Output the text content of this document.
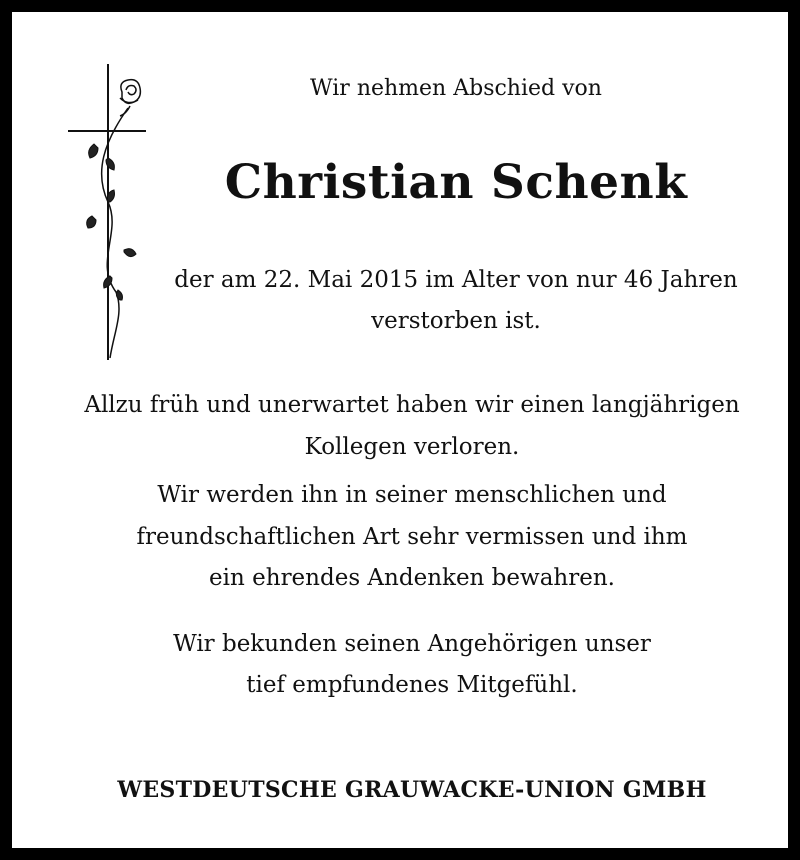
Wir nehmen Abschied von
Christian Schenk
der am 22. Mai 2015 im Alter von nur 46 Jahren
verstorben ist.
Allzu früh und unerwartet haben wir einen langjährigen
Kollegen verloren.
Wir werden ihn in seiner menschlichen und
freundschaftlichen Art sehr vermissen und ihm
ein ehrendes Andenken bewahren.
Wir bekunden seinen Angehörigen unser
tief empfundenes Mitgefühl.
WESTDEUTSCHE GRAUWACKE-UNION GMBH
